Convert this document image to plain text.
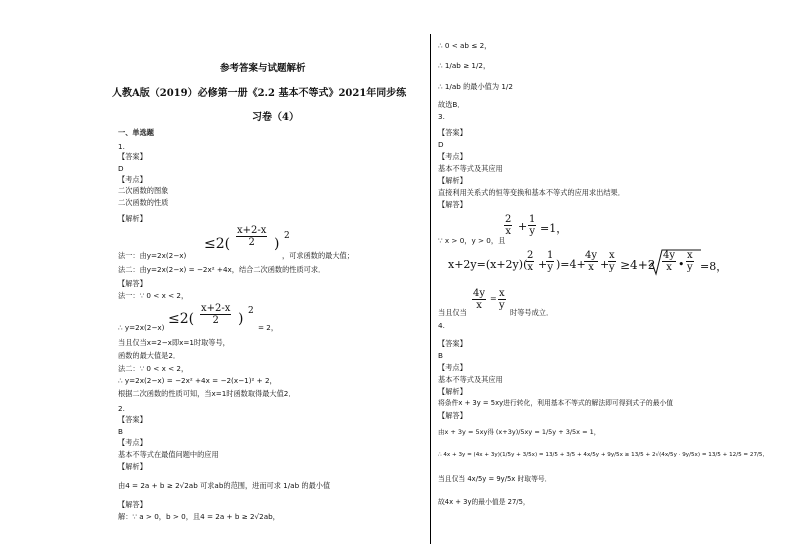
参考答案与试题解析
人教A版（2019）必修第一册《2.2 基本不等式》2021年同步练
习卷（4）
一、单选题
1.
【答案】
D
【考点】
二次函数的图象
二次函数的性质
【解析】
$\le 2( \frac{x+2-x}{2}$ ) 2
法一：由y=2x(2−x)	，可求函数的最大值；
法二：由y=2x(2−x) = −2x² +4x，结合二次函数的性质可求．
【解答】
法一：∵ 0 < x < 2，
$\le 2( \frac{x+2-x}{2}$ ) 2
∴ y=2x(2−x)	= 2，
当且仅当x=2−x即x=1时取等号，
函数的最大值是2．
法二：∵ 0 < x < 2，
∴ y=2x(2−x) = −2x² +4x = −2(x−1)² + 2，
根据二次函数的性质可知，当x=1时函数取得最大值2．
2.
【答案】
B
【考点】
基本不等式在最值问题中的应用
【解析】
由4 = 2a + b ≥ 2√2ab 可求ab的范围，进而可求 1/ab 的最小值
【解答】
解：∵ a > 0，b > 0，且4 = 2a + b ≥ 2√2ab，
∴ 0 < ab ≤ 2，
∴ 1/ab ≥ 1/2，
∴ 1/ab 的最小值为 1/2
故选B．
3.
【答案】
D
【考点】
基本不等式及其应用
【解析】
直接利用关系式的恒等变换和基本不等式的应用求出结果．
【解答】
∵ x > 0，y > 0，且
$\frac{2}{x} + \frac{1}{y} =1$，
x+2y=(x+2y)(
$\frac{2}{x}$ +
$\frac{1}{y} )=4+$
$\frac{4y}{x}$ +
$\frac{x}{y} \ge 4+2 \frac{4y}{x}$ • $\frac{x}{y} =8$，
当且仅当
$\frac{4y}{x} = \frac{x}{y}$
时等号成立．
4.
【答案】
B
【考点】
基本不等式及其应用
【解析】
将条件x + 3y = 5xy进行转化，利用基本不等式的解法即可得到式子的最小值
【解答】
由x + 3y = 5xy得 (x+3y)/5xy = 1/5y + 3/5x = 1，
∴ 4x + 3y = (4x + 3y)(1/5y + 3/5x) = 13/5 + 3/5 + 4x/5y + 9y/5x ≥ 13/5 + 2√(4x/5y · 9y/5x) = 13/5 + 12/5 = 27/5，
当且仅当 4x/5y = 9y/5x 时取等号．
故4x + 3y的最小值是 27/5，
